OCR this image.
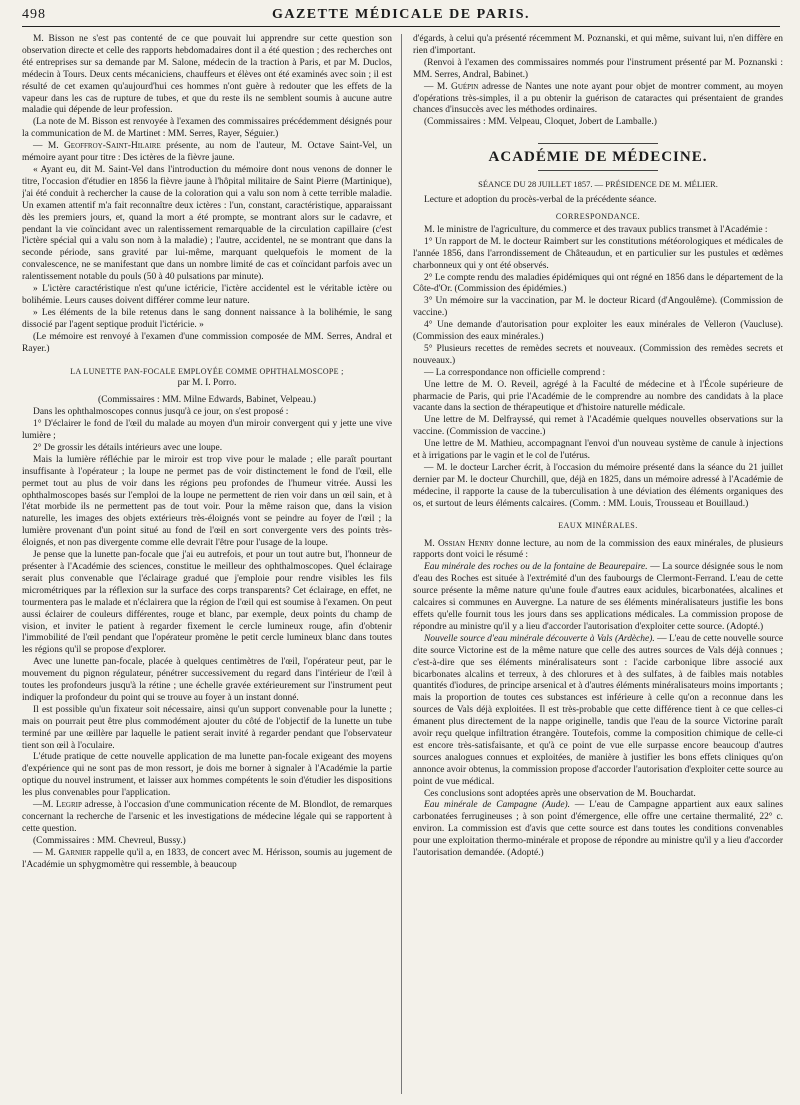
498	GAZETTE MÉDICALE DE PARIS.

M. Bisson ne s'est pas contenté de ce que pouvait lui apprendre sur cette question son observation directe et celle des rapports hebdomadaires dont il a été question ; des recherches ont été entreprises sur sa demande par M. Salone, médecin de la traction à Paris, et par M. Duclos, médecin à Tours. Deux cents mécaniciens, chauffeurs et élèves ont été examinés avec soin ; il est résulté de cet examen qu'aujourd'hui ces hommes n'ont guère à redouter que les effets de la vapeur dans les cas de rupture de tubes, et que du reste ils ne semblent soumis à aucune autre maladie qui dépende de leur profession.

(La note de M. Bisson est renvoyée à l'examen des commissaires précédemment désignés pour la communication de M. de Martinet : MM. Serres, Rayer, Séguier.)

— M. Geoffroy-Saint-Hilaire présente, au nom de l'auteur, M. Octave Saint-Vel, un mémoire ayant pour titre : Des ictères de la fièvre jaune.

« Ayant eu, dit M. Saint-Vel dans l'introduction du mémoire dont nous venons de donner le titre, l'occasion d'étudier en 1856 la fièvre jaune à l'hôpital militaire de Saint Pierre (Martinique), j'ai été conduit à rechercher la cause de la coloration qui a valu son nom à cette terrible maladie. Un examen attentif m'a fait reconnaître deux ictères : l'un, constant, caractéristique, apparaissant dès les premiers jours, et, quand la mort a été prompte, se montrant alors sur le cadavre, et pendant la vie coïncidant avec un ralentissement remarquable de la circulation capillaire (c'est l'ictère spécial qui a valu son nom à la maladie) ; l'autre, accidentel, ne se montrant que dans la seconde période, sans gravité par lui-même, marquant quelquefois le moment de la convalescence, ne se manifestant que dans un nombre limité de cas et coïncidant parfois avec un ralentissement notable du pouls (50 à 40 pulsations par minute).

» L'ictère caractéristique n'est qu'une ictéricie, l'ictère accidentel est le véritable ictère ou bolihémie. Leurs causes doivent différer comme leur nature.

» Les éléments de la bile retenus dans le sang donnent naissance à la bolihémie, le sang dissocié par l'agent septique produit l'ictéricie. »

(Le mémoire est renvoyé à l'examen d'une commission composée de MM. Serres, Andral et Rayer.)

LA LUNETTE PAN-FOCALE EMPLOYÉE COMME OPHTHALMOSCOPE ;

par M. I. Porro.

(Commissaires : MM. Milne Edwards, Babinet, Velpeau.)

Dans les ophthalmoscopes connus jusqu'à ce jour, on s'est proposé :

1° D'éclairer le fond de l'œil du malade au moyen d'un miroir convergent qui y jette une vive lumière ;

2° De grossir les détails intérieurs avec une loupe.

Mais la lumière réfléchie par le miroir est trop vive pour le malade ; elle paraît pourtant insuffisante à l'opérateur ; la loupe ne permet pas de voir distinctement le fond de l'œil, elle permet tout au plus de voir dans les régions peu profondes de l'humeur vitrée. Aussi les ophthalmoscopes basés sur l'emploi de la loupe ne permettent de rien voir dans un œil sain, et à l'état morbide ils ne permettent pas de tout voir. Pour la même raison que, dans la vision naturelle, les images des objets extérieurs très-éloignés vont se peindre au foyer de l'œil ; la lumière provenant d'un point situé au fond de l'œil en sort convergente vers des points très-éloignés, et non pas divergente comme elle devrait l'être pour l'usage de la loupe.

Je pense que la lunette pan-focale que j'ai eu autrefois, et pour un tout autre but, l'honneur de présenter à l'Académie des sciences, constitue le meilleur des ophthalmoscopes. Quel éclairage serait plus convenable que l'éclairage gradué que j'emploie pour rendre visibles les fils micrométriques par la réflexion sur la surface des corps transparents? Cet éclairage, en effet, ne tourmentera pas le malade et n'éclairera que la région de l'œil qui est soumise à l'examen. On peut aussi éclairer de couleurs différentes, rouge et blanc, par exemple, deux points du champ de vision, et inviter le patient à regarder fixement le cercle lumineux rouge, afin d'obtenir l'immobilité de l'œil pendant que l'opérateur promène le petit cercle lumineux blanc dans toutes les régions qu'il se propose d'explorer.

Avec une lunette pan-focale, placée à quelques centimètres de l'œil, l'opérateur peut, par le mouvement du pignon régulateur, pénétrer successivement du regard dans l'intérieur de l'œil à toutes les profondeurs jusqu'à la rétine ; une échelle gravée extérieurement sur l'instrument peut indiquer la profondeur du point qui se trouve au foyer à un instant donné.

Il est possible qu'un fixateur soit nécessaire, ainsi qu'un support convenable pour la lunette ; mais on pourrait peut être plus commodément ajouter du côté de l'objectif de la lunette un tube terminé par une œillère par laquelle le patient serait invité à regarder pendant que l'observateur tient son œil à l'oculaire.

L'étude pratique de cette nouvelle application de ma lunette pan-focale exigeant des moyens d'expérience qui ne sont pas de mon ressort, je dois me borner à signaler à l'Académie la partie optique du nouvel instrument, et laisser aux hommes compétents le soin d'étudier les dispositions les plus convenables pour l'application.

—M. Legrip adresse, à l'occasion d'une communication récente de M. Blondlot, de remarques concernant la recherche de l'arsenic et les investigations de médecine légale qui se rapportent à cette question.

(Commissaires : MM. Chevreul, Bussy.)

— M. Garnier rappelle qu'il a, en 1833, de concert avec M. Hérisson, soumis au jugement de l'Académie un sphygmomètre qui ressemble, à beaucoup

d'égards, à celui qu'a présenté récemment M. Poznanski, et qui même, suivant lui, n'en diffère en rien d'important.

(Renvoi à l'examen des commissaires nommés pour l'instrument présenté par M. Poznanski : MM. Serres, Andral, Babinet.)

— M. Guépin adresse de Nantes une note ayant pour objet de montrer comment, au moyen d'opérations très-simples, il a pu obtenir la guérison de cataractes qui présentaient de grandes chances d'insuccès avec les méthodes ordinaires.

(Commissaires : MM. Velpeau, Cloquet, Jobert de Lamballe.)

ACADÉMIE DE MÉDECINE.

SÉANCE DU 28 JUILLET 1857. — PRÉSIDENCE DE M. MÉLIER.

Lecture et adoption du procès-verbal de la précédente séance.

CORRESPONDANCE.

M. le ministre de l'agriculture, du commerce et des travaux publics transmet à l'Académie :

1° Un rapport de M. le docteur Raimbert sur les constitutions météorologiques et médicales de l'année 1856, dans l'arrondissement de Châteaudun, et en particulier sur les pustules et œdèmes charbonneux qui y ont été observés.

2° Le compte rendu des maladies épidémiques qui ont régné en 1856 dans le département de la Côte-d'Or. (Commission des épidémies.)

3° Un mémoire sur la vaccination, par M. le docteur Ricard (d'Angoulême). (Commission de vaccine.)

4° Une demande d'autorisation pour exploiter les eaux minérales de Velleron (Vaucluse). (Commission des eaux minérales.)

5° Plusieurs recettes de remèdes secrets et nouveaux. (Commission des remèdes secrets et nouveaux.)

— La correspondance non officielle comprend :

Une lettre de M. O. Reveil, agrégé à la Faculté de médecine et à l'École supérieure de pharmacie de Paris, qui prie l'Académie de le comprendre au nombre des candidats à la place vacante dans la section de thérapeutique et d'histoire naturelle médicale.

Une lettre de M. Delfrayssé, qui remet à l'Académie quelques nouvelles observations sur la vaccine. (Commission de vaccine.)

Une lettre de M. Mathieu, accompagnant l'envoi d'un nouveau système de canule à injections et à irrigations par le vagin et le col de l'utérus.

— M. le docteur Larcher écrit, à l'occasion du mémoire présenté dans la séance du 21 juillet dernier par M. le docteur Churchill, que, déjà en 1825, dans un mémoire adressé à l'Académie de médecine, il rapporte la cause de la tuberculisation à une déviation des éléments organiques des os, et surtout de leurs éléments calcaires. (Comm. : MM. Louis, Trousseau et Bouillaud.)

EAUX MINÉRALES.

M. Ossian Henry donne lecture, au nom de la commission des eaux minérales, de plusieurs rapports dont voici le résumé :

Eau minérale des roches ou de la fontaine de Beaurepaire. — La source désignée sous le nom d'eau des Roches est située à l'extrémité d'un des faubourgs de Clermont-Ferrand. L'eau de cette source présente la même nature qu'une foule d'autres eaux acidules, bicarbonatées, alcalines et calcaires si communes en Auvergne. La nature de ses éléments minéralisateurs justifie les bons effets qu'elle fournit tous les jours dans ses applications médicales. La commission propose de répondre au ministre qu'il y a lieu d'accorder l'autorisation d'exploiter cette source. (Adopté.)

Nouvelle source d'eau minérale découverte à Vals (Ardèche). — L'eau de cette nouvelle source dite source Victorine est de la même nature que celle des autres sources de Vals déjà connues ; c'est-à-dire que ses éléments minéralisateurs sont : l'acide carbonique libre associé aux bicarbonates alcalins et terreux, à des chlorures et à des sulfates, à de faibles mais notables quantités d'iodures, de principe arsenical et à d'autres éléments minéralisateurs moins importants ; mais la proportion de toutes ces substances est inférieure à celle qu'on a reconnue dans les sources de Vals déjà exploitées. Il est très-probable que cette différence tient à ce que celles-ci émanent plus directement de la nappe originelle, tandis que l'eau de la source Victorine paraît avoir reçu quelque infiltration étrangère. Toutefois, comme la composition chimique de celle-ci est encore très-satisfaisante, et qu'à ce point de vue elle surpasse encore beaucoup d'autres sources analogues connues et exploitées, de manière à justifier les bons effets cliniques qu'on annonce avoir obtenus, la commission propose d'accorder l'autorisation d'exploiter cette source au point de vue médical.

Ces conclusions sont adoptées après une observation de M. Bouchardat.

Eau minérale de Campagne (Aude). — L'eau de Campagne appartient aux eaux salines carbonatées ferrugineuses ; à son point d'émergence, elle offre une certaine thermalité, 22° c. environ. La commission est d'avis que cette source est dans toutes les conditions convenables pour une exploitation thermo-minérale et propose de répondre au ministre qu'il y a lieu d'accorder l'autorisation demandée. (Adopté.)
